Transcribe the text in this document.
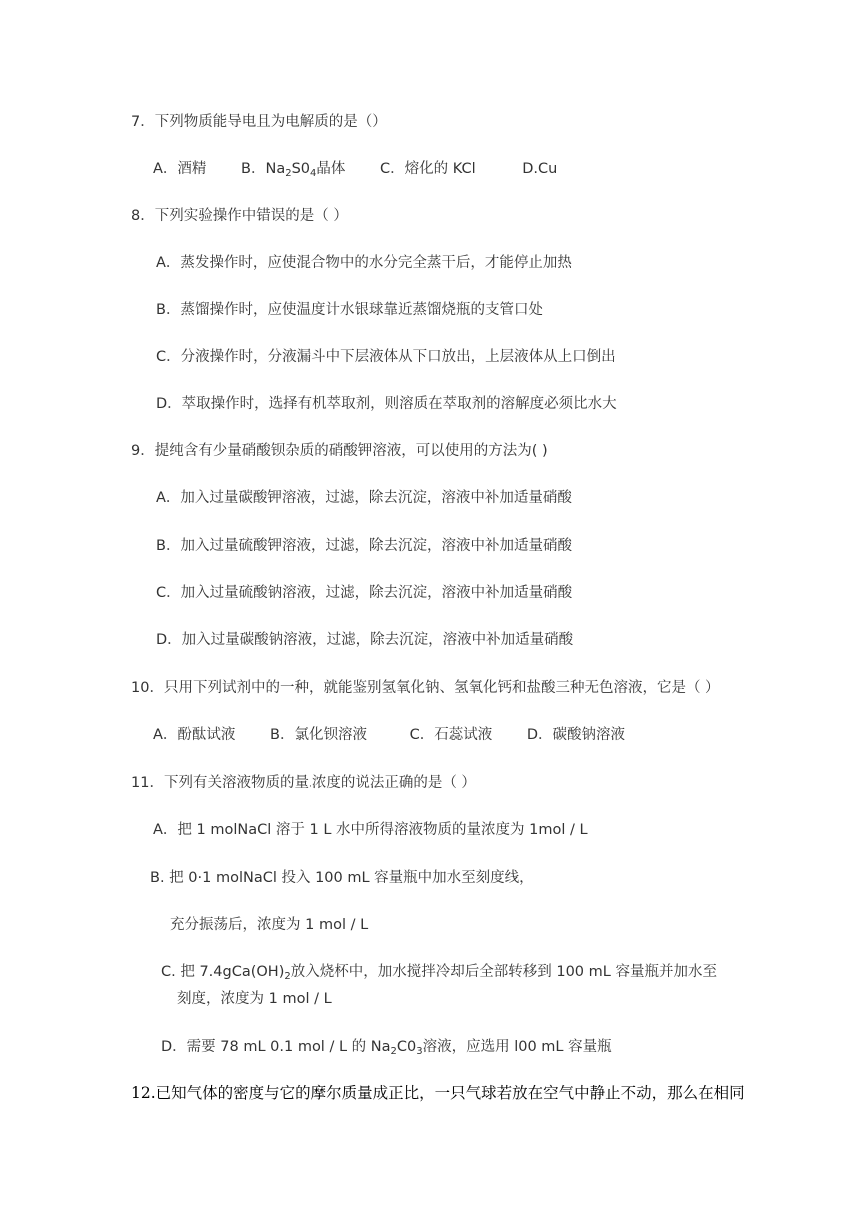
7．下列物质能导电且为电解质的是（）
A．酒精 B．$Na_2S0_4$晶体 C．熔化的 KCl	D.Cu
8．下列实验操作中错误的是（ ）
A．蒸发操作时，应使混合物中的水分完全蒸干后，才能停止加热
B．蒸馏操作时，应使温度计水银球靠近蒸馏烧瓶的支管口处
C．分液操作时，分液漏斗中下层液体从下口放出，上层液体从上口倒出
D．萃取操作时，选择有机萃取剂，则溶质在萃取剂的溶解度必须比水大
9．提纯含有少量硝酸钡杂质的硝酸钾溶液，可以使用的方法为( )
A．加入过量碳酸钾溶液，过滤，除去沉淀，溶液中补加适量硝酸
B．加入过量硫酸钾溶液，过滤，除去沉淀，溶液中补加适量硝酸
C．加入过量硫酸钠溶液，过滤，除去沉淀，溶液中补加适量硝酸
D．加入过量碳酸钠溶液，过滤，除去沉淀，溶液中补加适量硝酸
10．只用下列试剂中的一种，就能鉴别氢氧化钠、氢氧化钙和盐酸三种无色溶液，它是（ ）
A．酚酞试液 B．氯化钡溶液	C．石蕊试液 D．碳酸钠溶液
11．下列有关溶液物质的量·浓度的说法正确的是（ ）
A．把 1 molNaCl 溶于 1 L 水中所得溶液物质的量浓度为 1mol / L
B. 把 0·1 molNaCl 投入 100 mL 容量瓶中加水至刻度线，
充分振荡后，浓度为 1 mol / L
C. 把 $7.4gCa(OH)_2$放入烧杯中，加水搅拌冷却后全部转移到 100 mL 容量瓶并加水至
刻度，浓度为 1 mol / L
D．需要 78 mL 0.1 mol / L 的 $Na_2C0_3$溶液，应选用 l00 mL 容量瓶
12.已知气体的密度与它的摩尔质量成正比，一只气球若放在空气中静止不动，那么在相同
